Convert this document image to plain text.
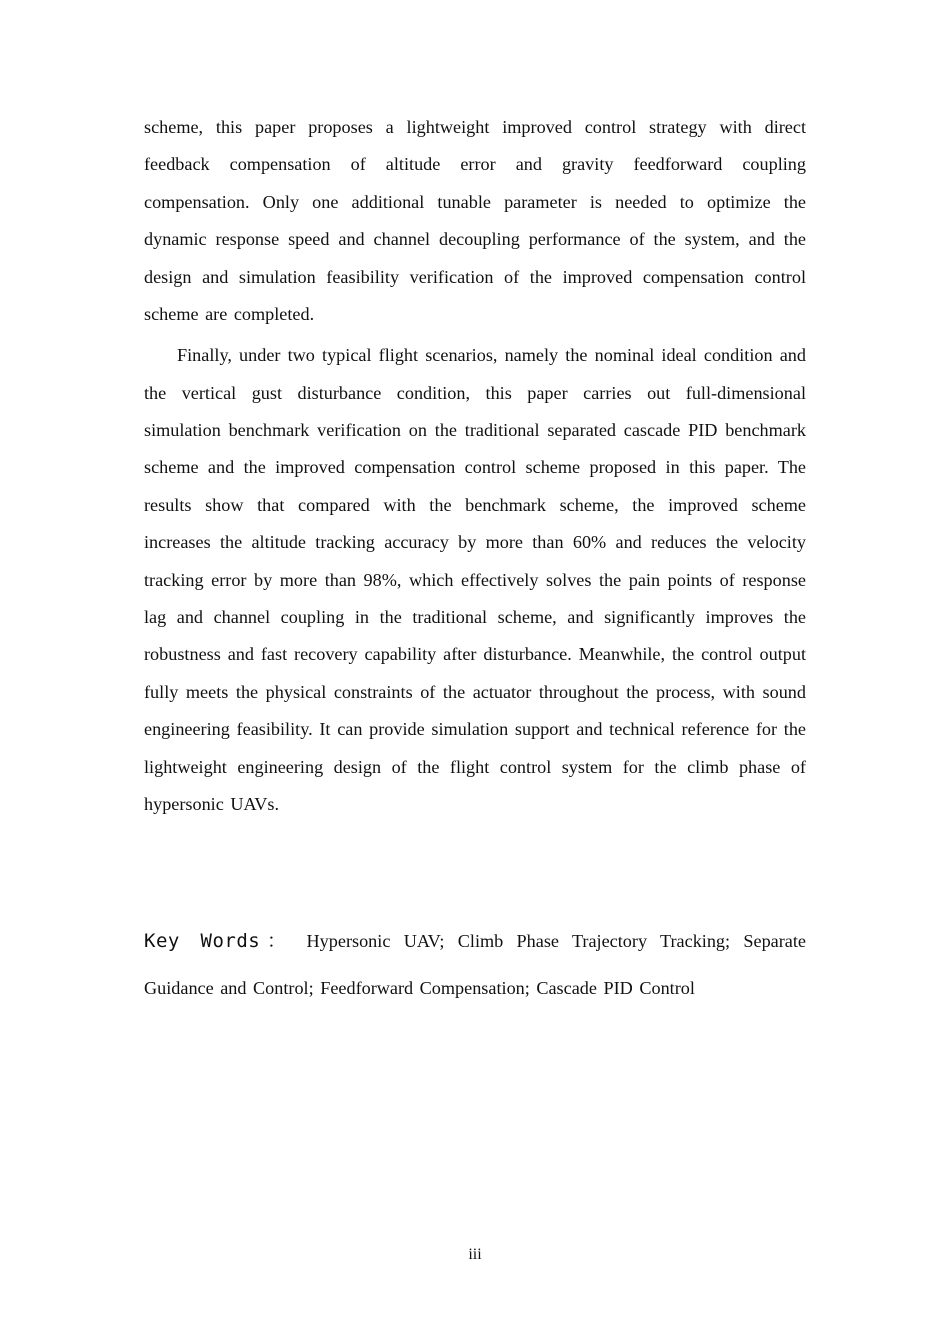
scheme, this paper proposes a lightweight improved control strategy with direct feedback compensation of altitude error and gravity feedforward coupling compensation. Only one additional tunable parameter is needed to optimize the dynamic response speed and channel decoupling performance of the system, and the design and simulation feasibility verification of the improved compensation control scheme are completed.

Finally, under two typical flight scenarios, namely the nominal ideal condition and the vertical gust disturbance condition, this paper carries out full-dimensional simulation benchmark verification on the traditional separated cascade PID benchmark scheme and the improved compensation control scheme proposed in this paper. The results show that compared with the benchmark scheme, the improved scheme increases the altitude tracking accuracy by more than 60% and reduces the velocity tracking error by more than 98%, which effectively solves the pain points of response lag and channel coupling in the traditional scheme, and significantly improves the robustness and fast recovery capability after disturbance. Meanwhile, the control output fully meets the physical constraints of the actuator throughout the process, with sound engineering feasibility. It can provide simulation support and technical reference for the lightweight engineering design of the flight control system for the climb phase of hypersonic UAVs.

Key Words： Hypersonic UAV; Climb Phase Trajectory Tracking; Separate Guidance and Control; Feedforward Compensation; Cascade PID Control
iii
